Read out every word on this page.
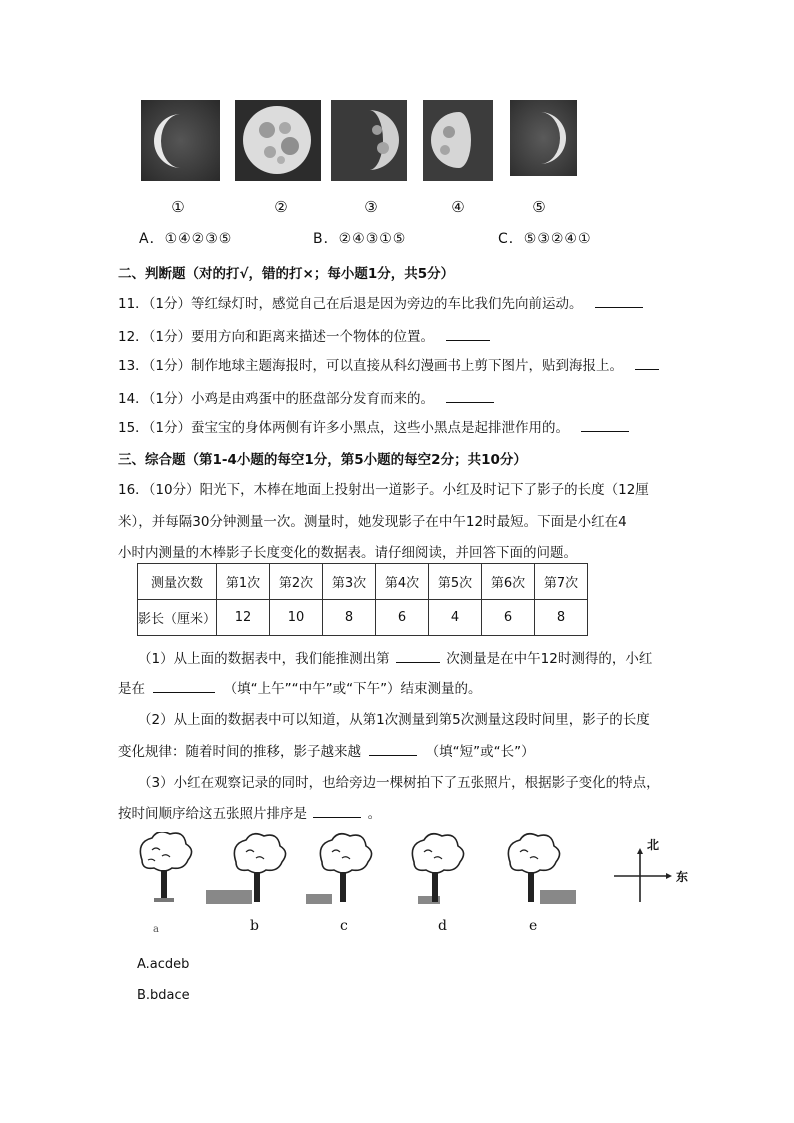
①	②	③	④	⑤
A．①④②③⑤	B．②④③①⑤	C．⑤③②④①
二、判断题（对的打√，错的打×；每小题1分，共5分）
11．（1分）等红绿灯时，感觉自己在后退是因为旁边的车比我们先向前运动。
12．（1分）要用方向和距离来描述一个物体的位置。
13．（1分）制作地球主题海报时，可以直接从科幻漫画书上剪下图片，贴到海报上。
14．（1分）小鸡是由鸡蛋中的胚盘部分发育而来的。
15．（1分）蚕宝宝的身体两侧有许多小黑点，这些小黑点是起排泄作用的。
三、综合题（第1-4小题的每空1分，第5小题的每空2分；共10分）
16．（10分）阳光下，木棒在地面上投射出一道影子。小红及时记下了影子的长度（12厘
米），并每隔30分钟测量一次。测量时，她发现影子在中午12时最短。下面是小红在4
小时内测量的木棒影子长度变化的数据表。请仔细阅读，并回答下面的问题。
测量次数	第1次	第2次	第3次	第4次	第5次	第6次	第7次
影长（厘米）	12	10	8	6	4	6	8
（1）从上面的数据表中，我们能推测出第	次测量是在中午12时测得的，小红
是在	（填“上午”“中午”或“下午”）结束测量的。
（2）从上面的数据表中可以知道，从第1次测量到第5次测量这段时间里，影子的长度
变化规律：随着时间的推移，影子越来越	（填“短”或“长”）
（3）小红在观察记录的同时，也给旁边一棵树拍下了五张照片，根据影子变化的特点，
按时间顺序给这五张照片排序是	。
北
东
a	b	c	d	e
A.acdeb
B.bdace
